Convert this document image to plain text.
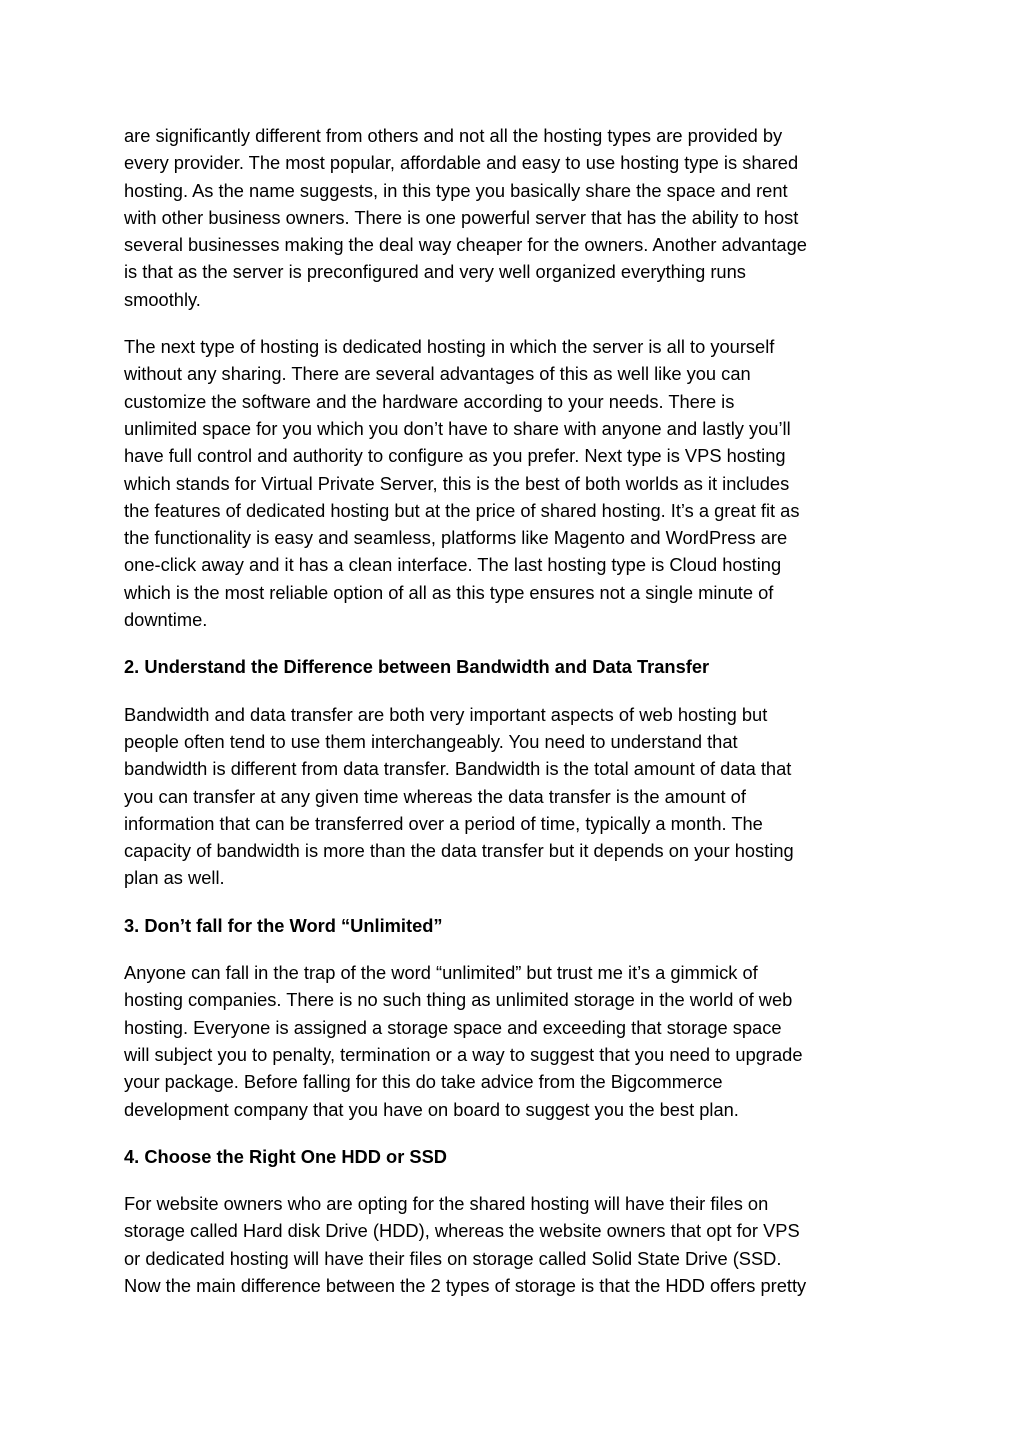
are significantly different from others and not all the hosting types are provided by
every provider. The most popular, affordable and easy to use hosting type is shared
hosting. As the name suggests, in this type you basically share the space and rent
with other business owners. There is one powerful server that has the ability to host
several businesses making the deal way cheaper for the owners. Another advantage
is that as the server is preconfigured and very well organized everything runs
smoothly.
The next type of hosting is dedicated hosting in which the server is all to yourself
without any sharing. There are several advantages of this as well like you can
customize the software and the hardware according to your needs. There is
unlimited space for you which you don’t have to share with anyone and lastly you’ll
have full control and authority to configure as you prefer. Next type is VPS hosting
which stands for Virtual Private Server, this is the best of both worlds as it includes
the features of dedicated hosting but at the price of shared hosting. It’s a great fit as
the functionality is easy and seamless, platforms like Magento and WordPress are
one-click away and it has a clean interface. The last hosting type is Cloud hosting
which is the most reliable option of all as this type ensures not a single minute of
downtime.
2. Understand the Difference between Bandwidth and Data Transfer
Bandwidth and data transfer are both very important aspects of web hosting but
people often tend to use them interchangeably. You need to understand that
bandwidth is different from data transfer. Bandwidth is the total amount of data that
you can transfer at any given time whereas the data transfer is the amount of
information that can be transferred over a period of time, typically a month. The
capacity of bandwidth is more than the data transfer but it depends on your hosting
plan as well.
3. Don’t fall for the Word “Unlimited”
Anyone can fall in the trap of the word “unlimited” but trust me it’s a gimmick of
hosting companies. There is no such thing as unlimited storage in the world of web
hosting. Everyone is assigned a storage space and exceeding that storage space
will subject you to penalty, termination or a way to suggest that you need to upgrade
your package. Before falling for this do take advice from the Bigcommerce
development company that you have on board to suggest you the best plan.
4. Choose the Right One HDD or SSD
For website owners who are opting for the shared hosting will have their files on
storage called Hard disk Drive (HDD), whereas the website owners that opt for VPS
or dedicated hosting will have their files on storage called Solid State Drive (SSD.
Now the main difference between the 2 types of storage is that the HDD offers pretty
